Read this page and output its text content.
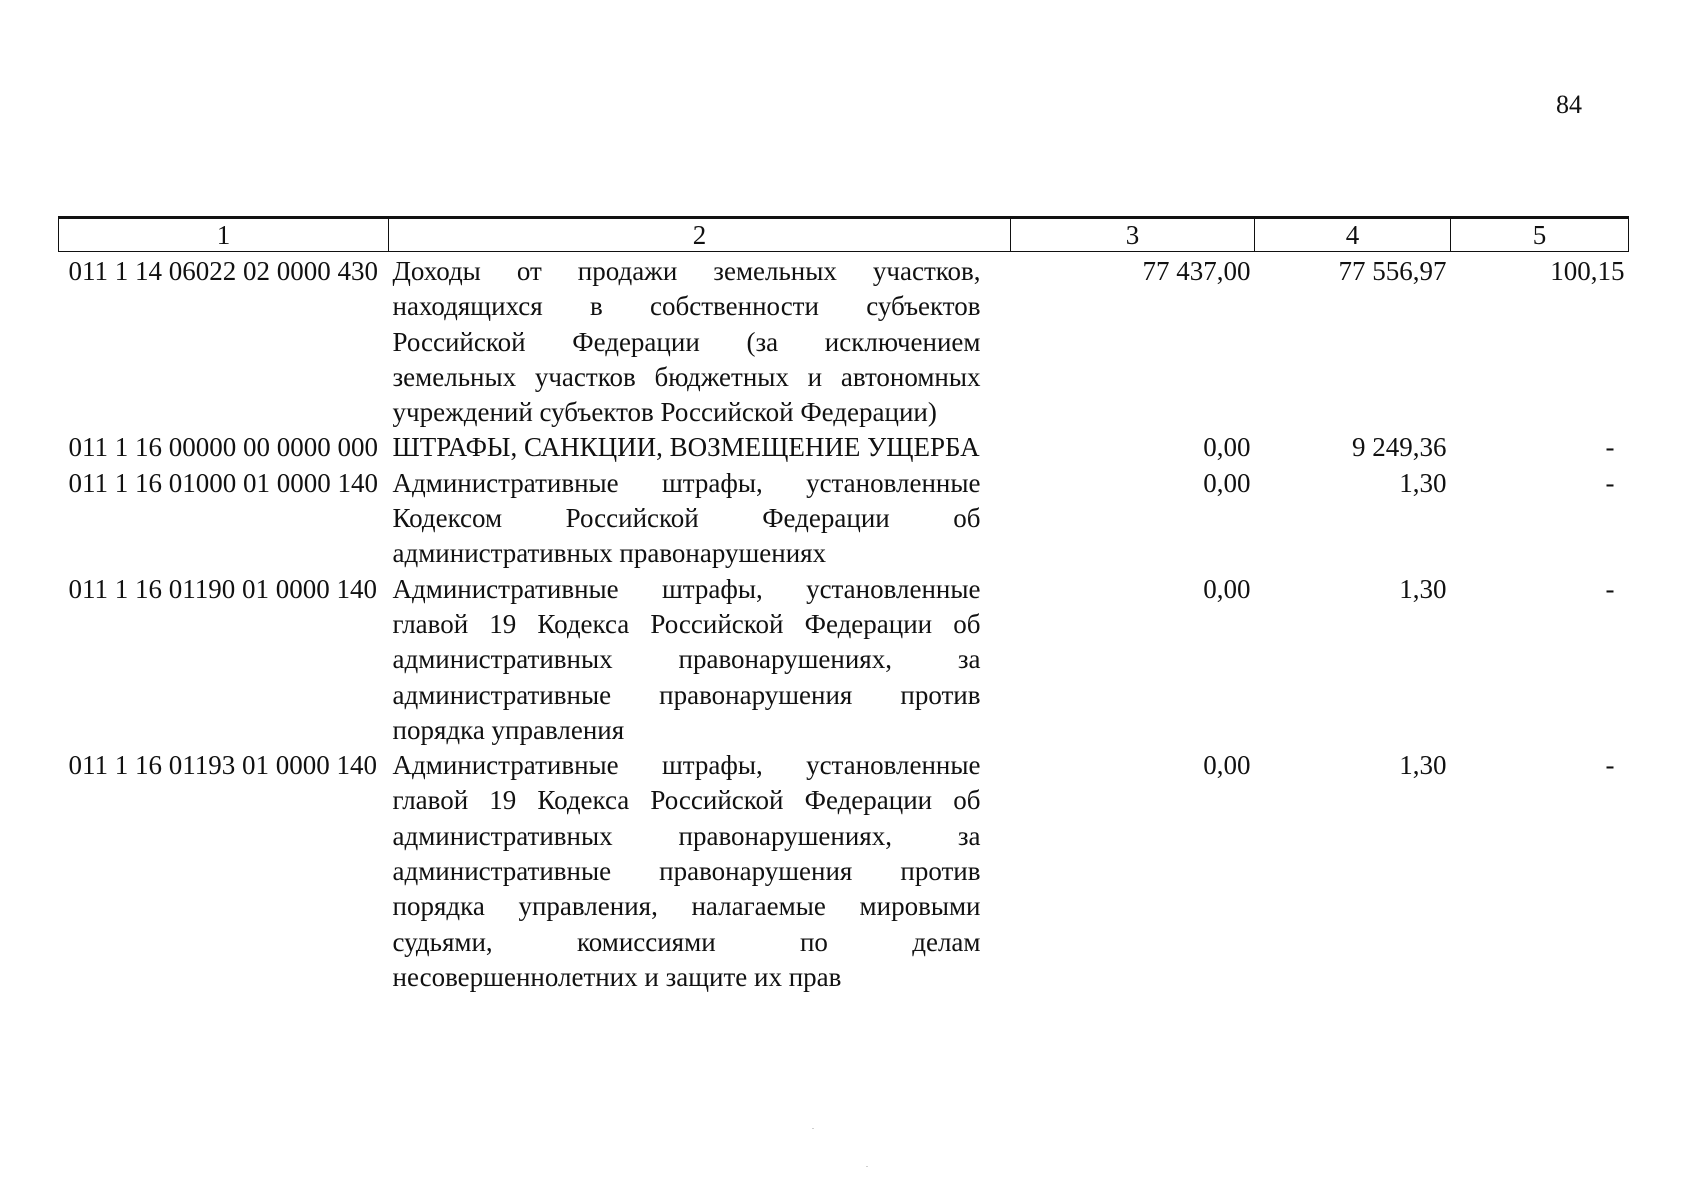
84
1	2	3	4	5
011 1 14 06022 02 0000 430	Доходы от продажи земельных участков, находящихся в собственности субъектов Российской Федерации (за исключением земельных участков бюджетных и автономных учреждений субъектов Российской Федерации)	77 437,00	77 556,97	100,15
011 1 16 00000 00 0000 000	ШТРАФЫ, САНКЦИИ, ВОЗМЕЩЕНИЕ УЩЕРБА	0,00	9 249,36	-
011 1 16 01000 01 0000 140	Административные штрафы, установленные Кодексом Российской Федерации об административных правонарушениях	0,00	1,30	-
011 1 16 01190 01 0000 140	Административные штрафы, установленные главой 19 Кодекса Российской Федерации об административных правонарушениях, за административные правонарушения против порядка управления	0,00	1,30	-
011 1 16 01193 01 0000 140	Административные штрафы, установленные главой 19 Кодекса Российской Федерации об административных правонарушениях, за административные правонарушения против порядка управления, налагаемые мировыми судьями, комиссиями по делам несовершеннолетних и защите их прав	0,00	1,30	-
